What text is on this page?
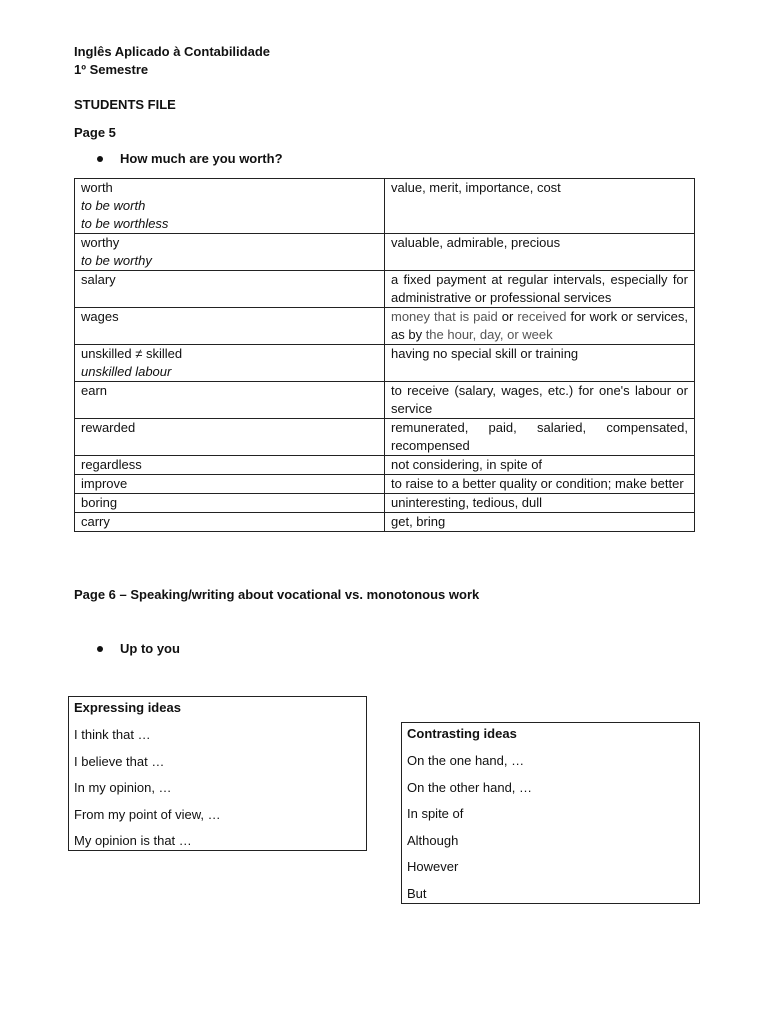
Inglês Aplicado à Contabilidade
1º Semestre
STUDENTS FILE
Page 5
How much are you worth?
worth
to be worth
to be worthless	value, merit, importance, cost

worthy
to be worthy	valuable, admirable, precious

salary	a fixed payment at regular intervals, especially for administrative or professional services

wages	money that is paid or received for work or services, as by the hour, day, or week

unskilled ≠ skilled
unskilled labour	having no special skill or training

earn	to receive (salary, wages, etc.) for one's labour or service

rewarded	remunerated, paid, salaried, compensated, recompensed

regardless	not considering, in spite of

improve	to raise to a better quality or condition; make better

boring	uninteresting, tedious, dull

carry	get, bring
Page 6 – Speaking/writing about vocational vs. monotonous work
Up to you
Expressing ideas
I think that …
I believe that …
In my opinion, …
From my point of view, …
My opinion is that …
Contrasting ideas
On the one hand, …
On the other hand, …
In spite of
Although
However
But
